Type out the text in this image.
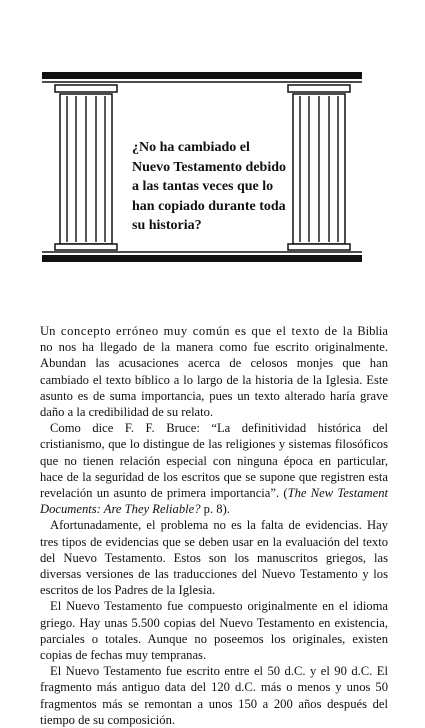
¿No ha cambiado el
Nuevo Testamento debido
a las tantas veces que lo
han copiado durante toda
su historia?

Un concepto erróneo muy común es que el texto de la Biblia no nos ha llegado de la manera como fue escrito originalmente. Abundan las acusaciones acerca de celosos monjes que han cambiado el texto bíblico a lo largo de la historia de la Iglesia. Este asunto es de suma importancia, pues un texto alterado haría grave daño a la credibilidad de su relato.

Como dice F. F. Bruce: “La definitividad histórica del cristianismo, que lo distingue de las religiones y sistemas filosóficos que no tienen relación especial con ninguna época en particular, hace de la seguridad de los escritos que se supone que registren esta revelación un asunto de primera importancia”. (The New Testament Documents: Are They Reliable? p. 8).

Afortunadamente, el problema no es la falta de evidencias. Hay tres tipos de evidencias que se deben usar en la evaluación del texto del Nuevo Testamento. Estos son los manuscritos griegos, las diversas versiones de las traducciones del Nuevo Testamento y los escritos de los Padres de la Iglesia.

El Nuevo Testamento fue compuesto originalmente en el idioma griego. Hay unas 5.500 copias del Nuevo Testamento en existencia, parciales o totales. Aunque no poseemos los originales, existen copias de fechas muy tempranas.

El Nuevo Testamento fue escrito entre el 50 d.C. y el 90 d.C. El fragmento más antiguo data del 120 d.C. más o menos y unos 50 fragmentos más se remontan a unos 150 a 200 años después del tiempo de su composición.
